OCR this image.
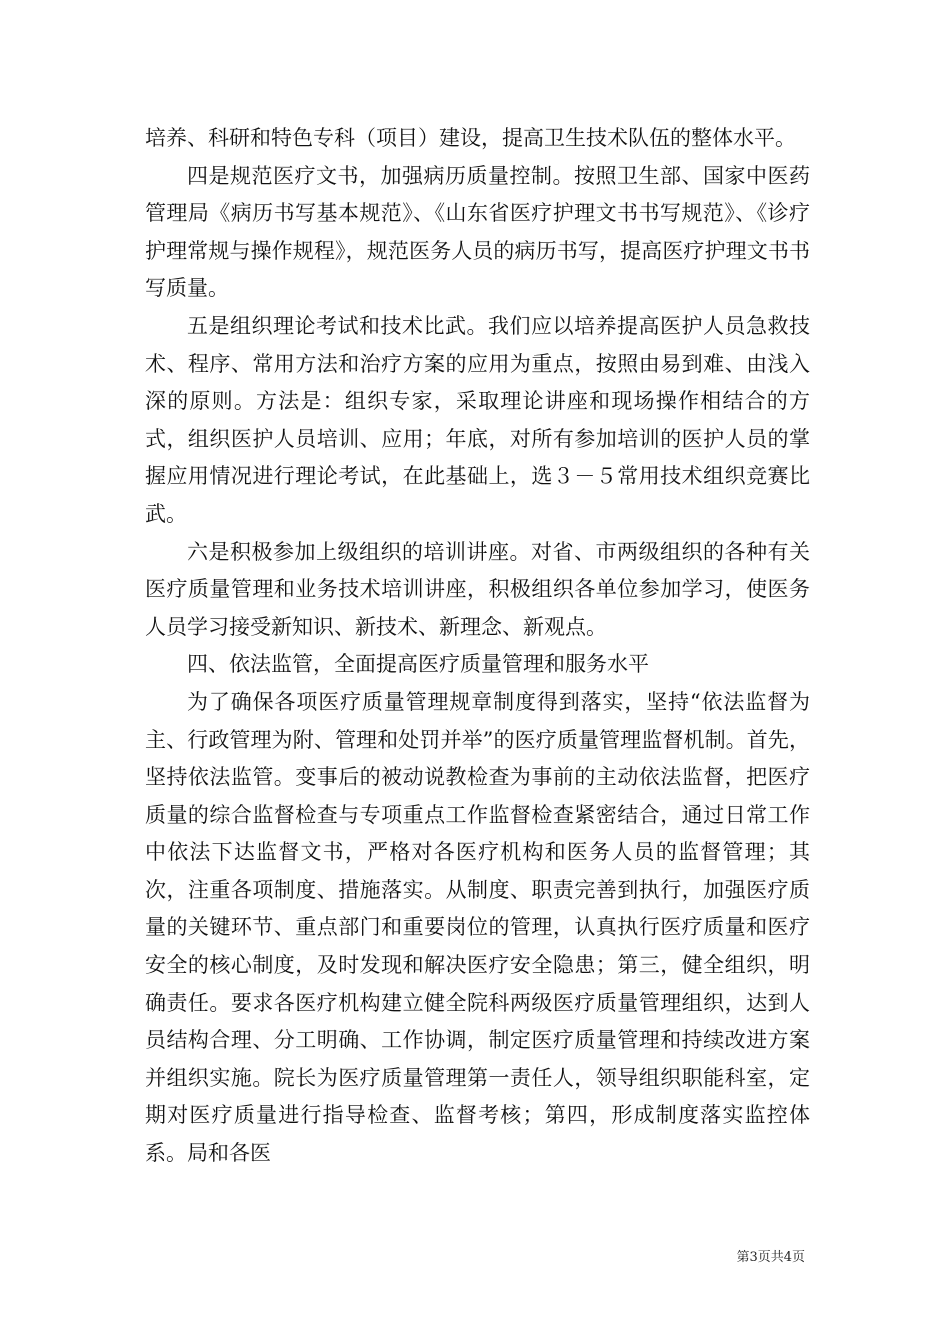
培养、科研和特色专科（项目）建设，提高卫生技术队伍的整体水平。

四是规范医疗文书，加强病历质量控制。按照卫生部、国家中医药管理局《病历书写基本规范》、《山东省医疗护理文书书写规范》、《诊疗护理常规与操作规程》，规范医务人员的病历书写，提高医疗护理文书书写质量。

五是组织理论考试和技术比武。我们应以培养提高医护人员急救技术、程序、常用方法和治疗方案的应用为重点，按照由易到难、由浅入深的原则。方法是：组织专家，采取理论讲座和现场操作相结合的方式，组织医护人员培训、应用；年底，对所有参加培训的医护人员的掌握应用情况进行理论考试，在此基础上，选３－５常用技术组织竞赛比武。

六是积极参加上级组织的培训讲座。对省、市两级组织的各种有关医疗质量管理和业务技术培训讲座，积极组织各单位参加学习，使医务人员学习接受新知识、新技术、新理念、新观点。

四、依法监管，全面提高医疗质量管理和服务水平

为了确保各项医疗质量管理规章制度得到落实，坚持“依法监督为主、行政管理为附、管理和处罚并举”的医疗质量管理监督机制。首先，坚持依法监管。变事后的被动说教检查为事前的主动依法监督，把医疗质量的综合监督检查与专项重点工作监督检查紧密结合，通过日常工作中依法下达监督文书，严格对各医疗机构和医务人员的监督管理；其次，注重各项制度、措施落实。从制度、职责完善到执行，加强医疗质量的关键环节、重点部门和重要岗位的管理，认真执行医疗质量和医疗安全的核心制度，及时发现和解决医疗安全隐患；第三，健全组织，明确责任。要求各医疗机构建立健全院科两级医疗质量管理组织，达到人员结构合理、分工明确、工作协调，制定医疗质量管理和持续改进方案并组织实施。院长为医疗质量管理第一责任人，领导组织职能科室，定期对医疗质量进行指导检查、监督考核；第四，形成制度落实监控体系。局和各医

第3页共4页
